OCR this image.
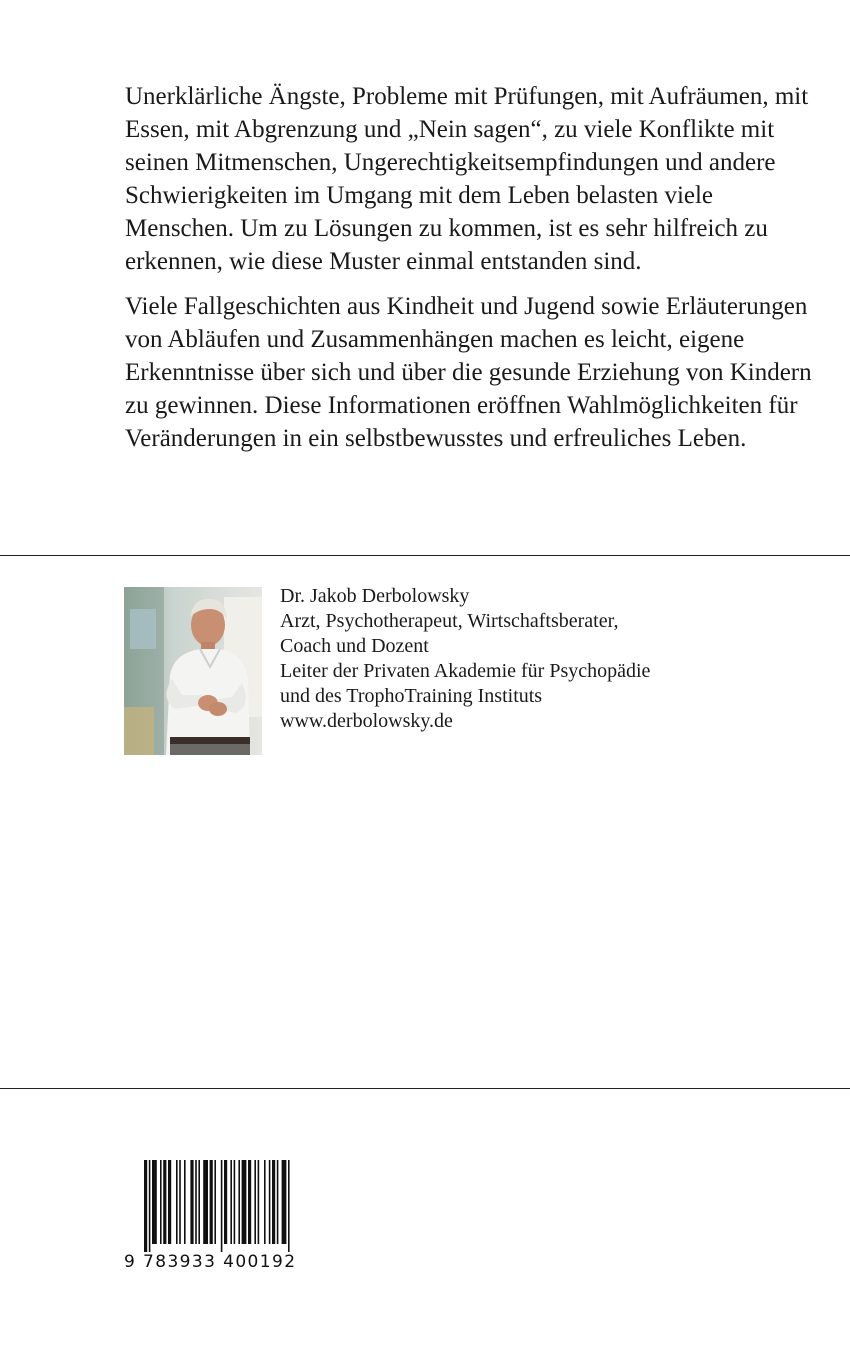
Unerklärliche Ängste, Probleme mit Prüfungen, mit Aufräumen, mit Essen, mit Abgrenzung und „Nein sagen“, zu viele Konflikte mit seinen Mitmenschen, Ungerechtigkeitsempfindungen und andere Schwierigkeiten im Umgang mit dem Leben belasten viele Menschen. Um zu Lösungen zu kommen, ist es sehr hilfreich zu erkennen, wie diese Muster einmal entstanden sind.

Viele Fallgeschichten aus Kindheit und Jugend sowie Erläuterungen von Abläufen und Zusammenhängen machen es leicht, eigene Erkenntnisse über sich und über die gesunde Erziehung von Kindern zu gewinnen. Diese Informationen eröffnen Wahlmöglichkeiten für Veränderungen in ein selbstbewusstes und erfreuliches Leben.

Dr. Jakob Derbolowsky
Arzt, Psychotherapeut, Wirtschaftsberater,
Coach und Dozent
Leiter der Privaten Akademie für Psychopädie
und des TrophoTraining Instituts
www.derbolowsky.de
9 783933 400192
